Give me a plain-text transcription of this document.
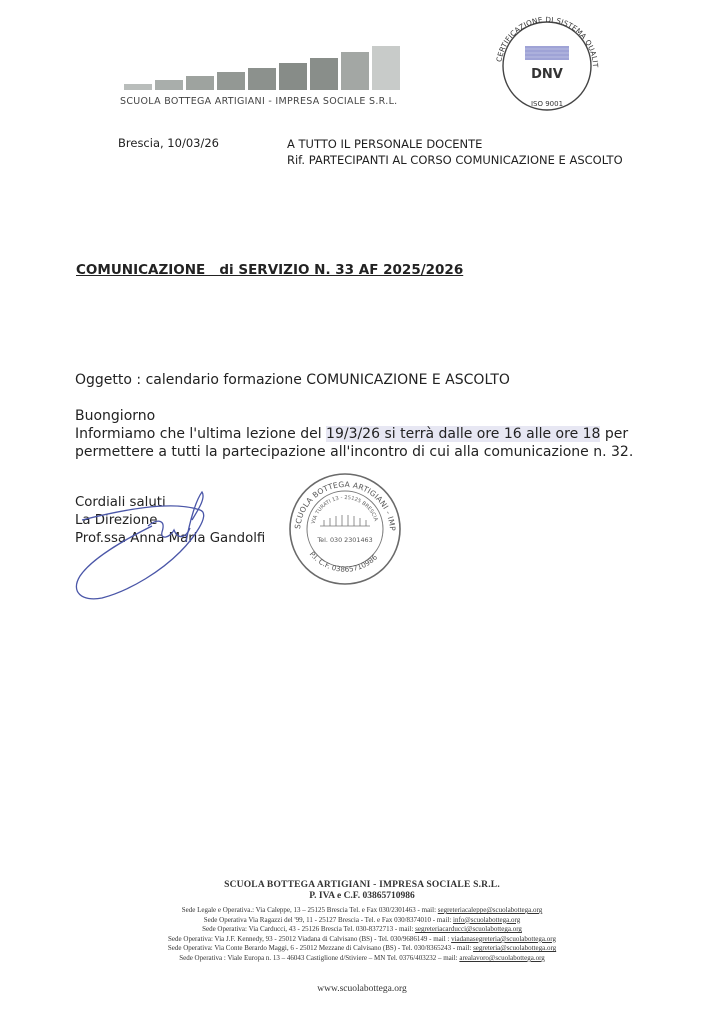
SCUOLA BOTTEGA ARTIGIANI - IMPRESA SOCIALE S.R.L.
CERTIFICAZIONE DI SISTEMA QUALIT
DNV
ISO 9001
Brescia, 10/03/26	A TUTTO IL PERSONALE DOCENTE
Rif. PARTECIPANTI AL CORSO COMUNICAZIONE E ASCOLTO
COMUNICAZIONE   di SERVIZIO N. 33 AF 2025/2026
Oggetto : calendario formazione COMUNICAZIONE E ASCOLTO
Buongiorno
Informiamo che l'ultima lezione del 19/3/26 si terrà dalle ore 16 alle ore 18 per
permettere a tutti la partecipazione all'incontro di cui alla comunicazione n. 32.
Cordiali saluti
La Direzione
Prof.ssa Anna Maria Gandolfi
SCUOLA BOTTEGA ARTIGIANI - IMP
VIA TURATI 13 - 25125 BRESCIA
Tel. 030 2301463
P.I. C.F. 03865710986
SCUOLA BOTTEGA ARTIGIANI - IMPRESA SOCIALE S.R.L.
P. IVA e C.F. 03865710986
Sede Legale e Operativa.: Via Caleppe, 13 – 25125 Brescia Tel. e Fax 030/2301463 - mail: segreteriacaleppe@scuolabottega.org
Sede Operativa Via Ragazzi del '99, 11 - 25127 Brescia - Tel. e Fax 030/8374010 - mail: info@scuolabottega.org
Sede Operativa: Via Carducci, 43 - 25126 Brescia Tel. 030-8372713 - mail: segreteriacarducci@scuolabottega.org
Sede Operativa: Via J.F. Kennedy, 93 - 25012 Viadana di Calvisano (BS) - Tel. 030/9686149 - mail : viadanasegreteria@scuolabottega.org
Sede Operativa: Via Conte Berardo Maggi, 6 - 25012 Mezzane di Calvisano (BS) - Tel. 030/8365243 - mail: segreteria@scuolabottega.org
Sede Operativa : Viale Europa n. 13 – 46043 Castiglione d/Stiviere – MN Tel. 0376/403232 – mail: arealavoro@scuolabottega.org
www.scuolabottega.org
